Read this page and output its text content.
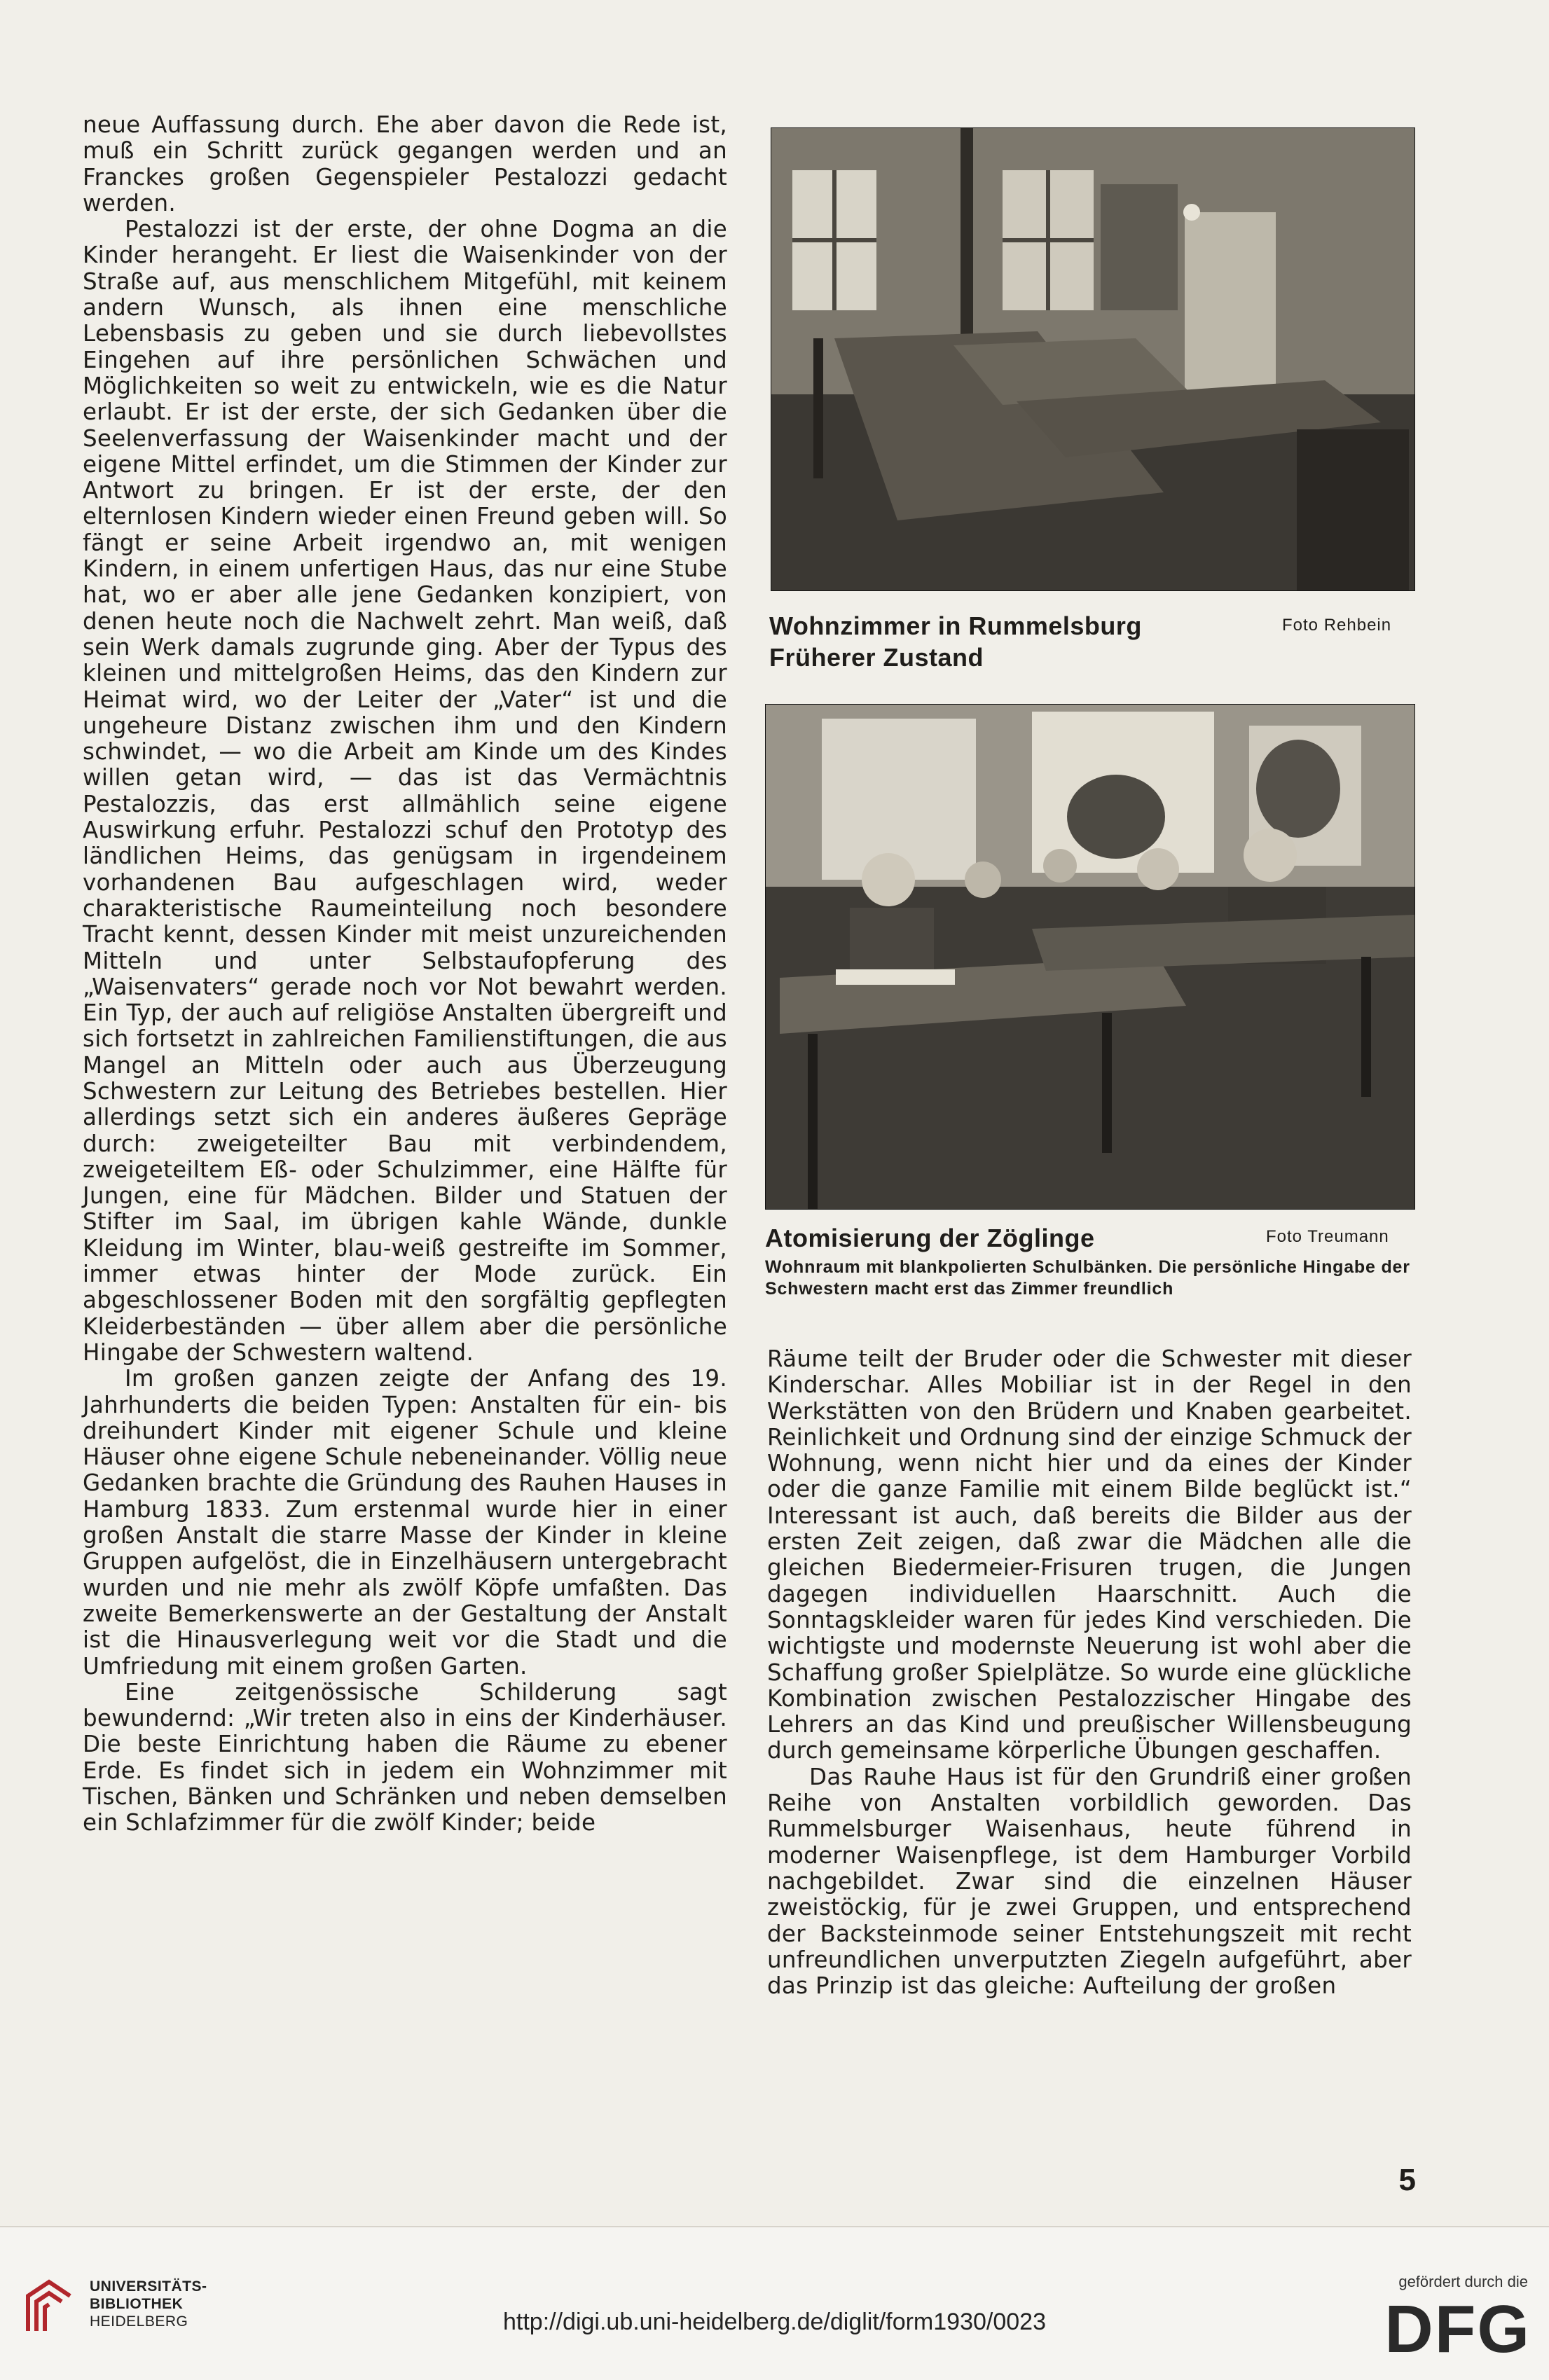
neue Auffassung durch. Ehe aber davon die Rede ist, muß ein Schritt zurück gegangen werden und an Franckes großen Gegenspieler Pestalozzi gedacht werden.

Pestalozzi ist der erste, der ohne Dogma an die Kinder herangeht. Er liest die Waisenkinder von der Straße auf, aus menschlichem Mitgefühl, mit keinem andern Wunsch, als ihnen eine menschliche Lebensbasis zu geben und sie durch liebevollstes Eingehen auf ihre persönlichen Schwächen und Möglichkeiten so weit zu entwickeln, wie es die Natur erlaubt. Er ist der erste, der sich Gedanken über die Seelenverfassung der Waisenkinder macht und der eigene Mittel erfindet, um die Stimmen der Kinder zur Antwort zu bringen. Er ist der erste, der den elternlosen Kindern wieder einen Freund geben will. So fängt er seine Arbeit irgendwo an, mit wenigen Kindern, in einem unfertigen Haus, das nur eine Stube hat, wo er aber alle jene Gedanken konzipiert, von denen heute noch die Nachwelt zehrt. Man weiß, daß sein Werk damals zugrunde ging. Aber der Typus des kleinen und mittelgroßen Heims, das den Kindern zur Heimat wird, wo der Leiter der „Vater“ ist und die ungeheure Distanz zwischen ihm und den Kindern schwindet, — wo die Arbeit am Kinde um des Kindes willen getan wird, — das ist das Vermächtnis Pestalozzis, das erst allmählich seine eigene Auswirkung erfuhr. Pestalozzi schuf den Prototyp des ländlichen Heims, das genügsam in irgendeinem vorhandenen Bau aufgeschlagen wird, weder charakteristische Raumeinteilung noch besondere Tracht kennt, dessen Kinder mit meist unzureichenden Mitteln und unter Selbstaufopferung des „Waisenvaters“ gerade noch vor Not bewahrt werden. Ein Typ, der auch auf religiöse Anstalten übergreift und sich fortsetzt in zahlreichen Familienstiftungen, die aus Mangel an Mitteln oder auch aus Überzeugung Schwestern zur Leitung des Betriebes bestellen. Hier allerdings setzt sich ein anderes äußeres Gepräge durch: zweigeteilter Bau mit verbindendem, zweigeteiltem Eß- oder Schulzimmer, eine Hälfte für Jungen, eine für Mädchen. Bilder und Statuen der Stifter im Saal, im übrigen kahle Wände, dunkle Kleidung im Winter, blau-weiß gestreifte im Sommer, immer etwas hinter der Mode zurück. Ein abgeschlossener Boden mit den sorgfältig gepflegten Kleiderbeständen — über allem aber die persönliche Hingabe der Schwestern waltend.

Im großen ganzen zeigte der Anfang des 19. Jahrhunderts die beiden Typen: Anstalten für ein- bis dreihundert Kinder mit eigener Schule und kleine Häuser ohne eigene Schule nebeneinander. Völlig neue Gedanken brachte die Gründung des Rauhen Hauses in Hamburg 1833. Zum erstenmal wurde hier in einer großen Anstalt die starre Masse der Kinder in kleine Gruppen aufgelöst, die in Einzelhäusern untergebracht wurden und nie mehr als zwölf Köpfe umfaßten. Das zweite Bemerkenswerte an der Gestaltung der Anstalt ist die Hinausverlegung weit vor die Stadt und die Umfriedung mit einem großen Garten.

Eine zeitgenössische Schilderung sagt bewundernd: „Wir treten also in eins der Kinderhäuser. Die beste Einrichtung haben die Räume zu ebener Erde. Es findet sich in jedem ein Wohnzimmer mit Tischen, Bänken und Schränken und neben demselben ein Schlafzimmer für die zwölf Kinder; beide

Wohnzimmer in Rummelsburg
Früherer Zustand
Foto Rehbein
Atomisierung der Zöglinge	Foto Treumann
Wohnraum mit blankpolierten Schulbänken. Die persönliche Hingabe der Schwestern macht erst das Zimmer freundlich

Räume teilt der Bruder oder die Schwester mit dieser Kinderschar. Alles Mobiliar ist in der Regel in den Werkstätten von den Brüdern und Knaben gearbeitet. Reinlichkeit und Ordnung sind der einzige Schmuck der Wohnung, wenn nicht hier und da eines der Kinder oder die ganze Familie mit einem Bilde beglückt ist.“ Interessant ist auch, daß bereits die Bilder aus der ersten Zeit zeigen, daß zwar die Mädchen alle die gleichen Biedermeier-Frisuren trugen, die Jungen dagegen individuellen Haarschnitt. Auch die Sonntagskleider waren für jedes Kind verschieden. Die wichtigste und modernste Neuerung ist wohl aber die Schaffung großer Spielplätze. So wurde eine glückliche Kombination zwischen Pestalozzischer Hingabe des Lehrers an das Kind und preußischer Willensbeugung durch gemeinsame körperliche Übungen geschaffen.

Das Rauhe Haus ist für den Grundriß einer großen Reihe von Anstalten vorbildlich geworden. Das Rummelsburger Waisenhaus, heute führend in moderner Waisenpflege, ist dem Hamburger Vorbild nachgebildet. Zwar sind die einzelnen Häuser zweistöckig, für je zwei Gruppen, und entsprechend der Backsteinmode seiner Entstehungszeit mit recht unfreundlichen unverputzten Ziegeln aufgeführt, aber das Prinzip ist das gleiche: Aufteilung der großen

5
UNIVERSITÄTS-
BIBLIOTHEK
HEIDELBERG	http://digi.ub.uni-heidelberg.de/diglit/form1930/0023
gefördert durch die
DFG
